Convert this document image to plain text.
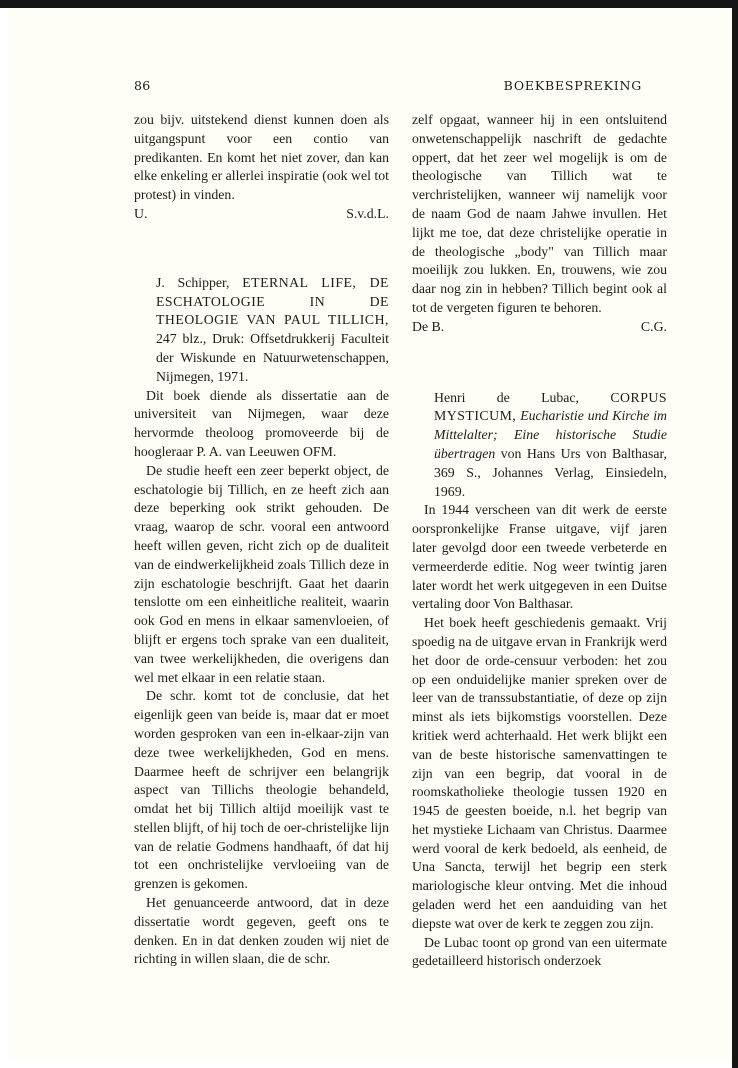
86	BOEKBESPREKING

zou bijv. uitstekend dienst kunnen doen als uitgangspunt voor een contio van predikanten. En komt het niet zover, dan kan elke enkeling er allerlei inspiratie (ook wel tot protest) in vinden.

U.	S.v.d.L.

J. Schipper, ETERNAL LIFE, DE ESCHATOLOGIE IN DE THEOLOGIE VAN PAUL TILLICH, 247 blz., Druk: Offsetdrukkerij Faculteit der Wiskunde en Natuurwetenschappen, Nijmegen, 1971.

Dit boek diende als dissertatie aan de universiteit van Nijmegen, waar deze hervormde theoloog promoveerde bij de hoogleraar P. A. van Leeuwen OFM.

De studie heeft een zeer beperkt object, de eschatologie bij Tillich, en ze heeft zich aan deze beperking ook strikt gehouden. De vraag, waarop de schr. vooral een antwoord heeft willen geven, richt zich op de dualiteit van de eindwerkelijkheid zoals Tillich deze in zijn eschatologie beschrijft. Gaat het daarin tenslotte om een einheitliche realiteit, waarin ook God en mens in elkaar samenvloeien, of blijft er ergens toch sprake van een dualiteit, van twee werkelijkheden, die overigens dan wel met elkaar in een relatie staan.

De schr. komt tot de conclusie, dat het eigenlijk geen van beide is, maar dat er moet worden gesproken van een in-elkaar-zijn van deze twee werkelijkheden, God en mens. Daarmee heeft de schrijver een belangrijk aspect van Tillichs theologie behandeld, omdat het bij Tillich altijd moeilijk vast te stellen blijft, of hij toch de oer-christelijke lijn van de relatie Godmens handhaaft, óf dat hij tot een onchristelijke vervloeiing van de grenzen is gekomen.

Het genuanceerde antwoord, dat in deze dissertatie wordt gegeven, geeft ons te denken. En in dat denken zouden wij niet de richting in willen slaan, die de schr.

zelf opgaat, wanneer hij in een ontsluitend onwetenschappelijk naschrift de gedachte oppert, dat het zeer wel mogelijk is om de theologische van Tillich wat te verchristelijken, wanneer wij namelijk voor de naam God de naam Jahwe invullen. Het lijkt me toe, dat deze christelijke operatie in de theologische „body" van Tillich maar moeilijk zou lukken. En, trouwens, wie zou daar nog zin in hebben? Tillich begint ook al tot de vergeten figuren te behoren.

De B.	C.G.

Henri de Lubac, CORPUS MYSTICUM, Eucharistie und Kirche im Mittelalter; Eine historische Studie übertragen von Hans Urs von Balthasar, 369 S., Johannes Verlag, Einsiedeln, 1969.

In 1944 verscheen van dit werk de eerste oorspronkelijke Franse uitgave, vijf jaren later gevolgd door een tweede verbeterde en vermeerderde editie. Nog weer twintig jaren later wordt het werk uitgegeven in een Duitse vertaling door Von Balthasar.

Het boek heeft geschiedenis gemaakt. Vrij spoedig na de uitgave ervan in Frankrijk werd het door de orde-censuur verboden: het zou op een onduidelijke manier spreken over de leer van de transsubstantiatie, of deze op zijn minst als iets bijkomstigs voorstellen. Deze kritiek werd achterhaald. Het werk blijkt een van de beste historische samenvattingen te zijn van een begrip, dat vooral in de roomskatholieke theologie tussen 1920 en 1945 de geesten boeide, n.l. het begrip van het mystieke Lichaam van Christus. Daarmee werd vooral de kerk bedoeld, als eenheid, de Una Sancta, terwijl het begrip een sterk mariologische kleur ontving. Met die inhoud geladen werd het een aanduiding van het diepste wat over de kerk te zeggen zou zijn.

De Lubac toont op grond van een uitermate gedetailleerd historisch onderzoek
